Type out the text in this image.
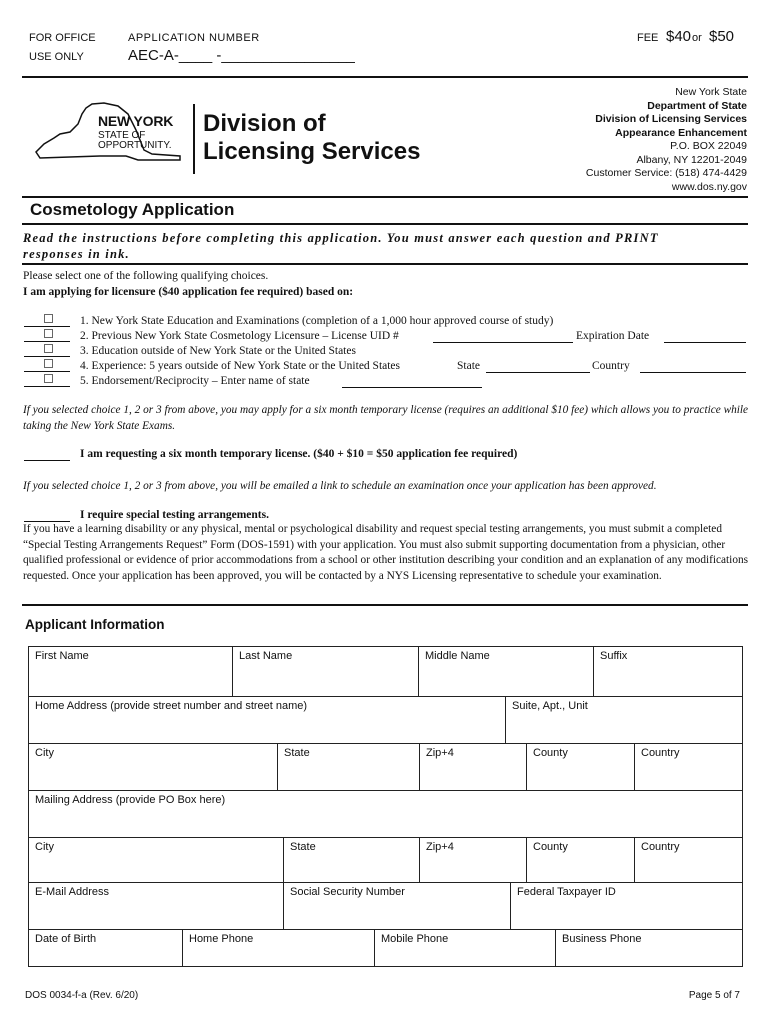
FOR OFFICE
USE ONLY
APPLICATION NUMBER
AEC-A-____ -________________
FEE $40 or $50
NEW YORK
STATE OF
OPPORTUNITY.
Division of
Licensing Services
New York State
Department of State
Division of Licensing Services
Appearance Enhancement
P.O. BOX 22049
Albany, NY 12201-2049
Customer Service: (518) 474-4429
www.dos.ny.gov
Cosmetology Application
Read the instructions before completing this application. You must answer each question and PRINT responses in ink.
Please select one of the following qualifying choices.
I am applying for licensure ($40 application fee required) based on:
1. New York State Education and Examinations (completion of a 1,000 hour approved course of study)
2. Previous New York State Cosmetology Licensure – License UID #	Expiration Date
3. Education outside of New York State or the United States
4. Experience: 5 years outside of New York State or the United States	State	Country
5. Endorsement/Reciprocity – Enter name of state
If you selected choice 1, 2 or 3 from above, you may apply for a six month temporary license (requires an additional $10 fee) which allows you to practice while taking the New York State Exams.
I am requesting a six month temporary license. ($40 + $10 = $50 application fee required)
If you selected choice 1, 2 or 3 from above, you will be emailed a link to schedule an examination once your application has been approved.
I require special testing arrangements.
If you have a learning disability or any physical, mental or psychological disability and request special testing arrangements, you must submit a completed “Special Testing Arrangements Request” Form (DOS-1591) with your application. You must also submit supporting documentation from a physician, other qualified professional or evidence of prior accommodations from a school or other institution describing your condition and an explanation of any modifications requested. Once your application has been approved, you will be contacted by a NYS Licensing representative to schedule your examination.
Applicant Information
First Name	Last Name	Middle Name	Suffix
Home Address (provide street number and street name)	Suite, Apt., Unit
City	State	Zip+4	County	Country
Mailing Address (provide PO Box here)
City	State	Zip+4	County	Country
E-Mail Address	Social Security Number	Federal Taxpayer ID
Date of Birth	Home Phone	Mobile Phone	Business Phone
DOS 0034-f-a (Rev. 6/20)	Page 5 of 7
